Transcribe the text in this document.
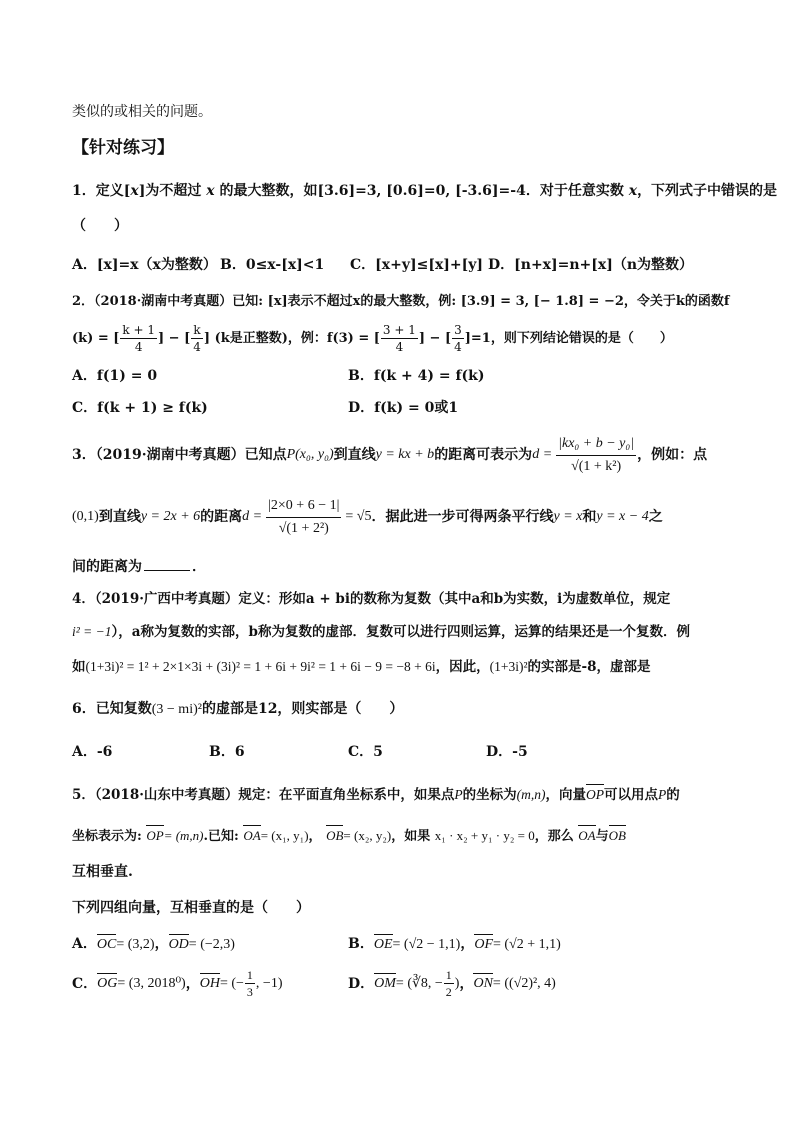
类似的或相关的问题。
【针对练习】
1．定义[x]为不超过 x 的最大整数，如[3.6]=3, [0.6]=0, [-3.6]=-4．对于任意实数 x，下列式子中错误的是
（　　）
A．[x]=x（x为整数） B．0≤x-[x]<1 C．[x+y]≤[x]+[y] D．[n+x]=n+[x]（n为整数）
2．（2018·湖南中考真题）已知: [x]表示不超过x的最大整数，例: [3.9] = 3, [− 1.8] = −2，令关于k的函数f
(k) = [ $\frac{k + 1}{4}$ ] − [ $\frac{k}{4}$ ] (k是正整数)，例：f(3) = [ $\frac{3 + 1}{4}$ ] − [ $\frac{3}{4} ]=1$，则下列结论错误的是（　　）
A．f(1) = 0	B．f(k + 4) = f(k)
C．f(k + 1) ≥ f(k)	D．f(k) = 0或1
3．（2019·湖南中考真题）已知点 P(x₀, y₀) 到直线 y = kx + b 的距离可表示为 $d = \frac{\text{|kx₀ + b − y₀|}}{\text{√(1 + k²)}}$ ，例如：点
(0,1) 到直线 y = 2x + 6 的距离 $d = \frac{|2\times 0 + 6 - 1|}{\text{√(1 + 2²)}} = √5$ ．据此进一步可得两条平行线 y = x 和 y = x − 4 之
间的距离为	．
4．（2019·广西中考真题）定义：形如a + bi的数称为复数（其中a和b为实数，i为虚数单位，规定
i² = −1），a称为复数的实部，b称为复数的虚部．复数可以进行四则运算，运算的结果还是一个复数．例
如(1+3i)² = 1² + 2×1×3i + (3i)² = 1 + 6i + 9i² = 1 + 6i − 9 = −8 + 6i，因此，(1+3i)²的实部是-8，虚部是
6．已知复数(3 − mi)²的虚部是12，则实部是（　　）
A．-6	B．6	C．5	D．-5
5．（2018·山东中考真题）规定：在平面直角坐标系中，如果点P的坐标为(m,n)，向量OP可以用点P的
坐标表示为: OP= (m,n).已知: OA= (x₁, y₁)， OB= (x₂, y₂)，如果 x₁ · x₂ + y₁ · y₂ = 0，那么 OA与OB
互相垂直.
下列四组向量，互相垂直的是（　　）
A．OC= (3,2)，OD= (−2,3)	B．OE= (√2 − 1,1)，OF= (√2 + 1,1)
C． OG = (3, 2018⁰) ， OH = (− $\frac{1}{3}$ , −1)	D． OM = (∛8, − $\frac{1}{2}$ ) ， ON = ((√2)², 4)
